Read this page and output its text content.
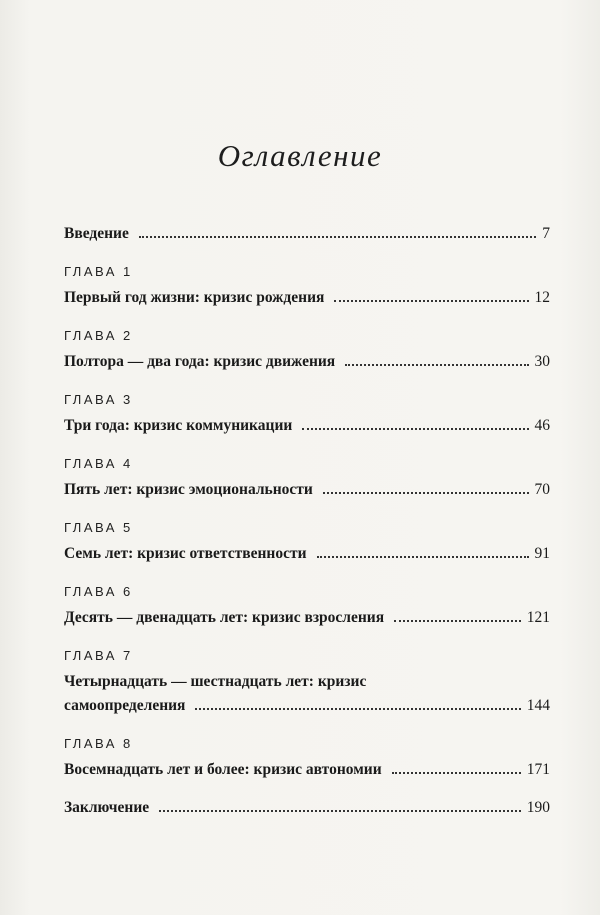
Оглавление
Введение	7
ГЛАВА 1
Первый год жизни: кризис рождения	12
ГЛАВА 2
Полтора — два года: кризис движения	30
ГЛАВА 3
Три года: кризис коммуникации	46
ГЛАВА 4
Пять лет: кризис эмоциональности	70
ГЛАВА 5
Семь лет: кризис ответственности	91
ГЛАВА 6
Десять — двенадцать лет: кризис взросления	121
ГЛАВА 7
Четырнадцать — шестнадцать лет: кризис
самоопределения	144
ГЛАВА 8
Восемнадцать лет и более: кризис автономии	171
Заключение	190
